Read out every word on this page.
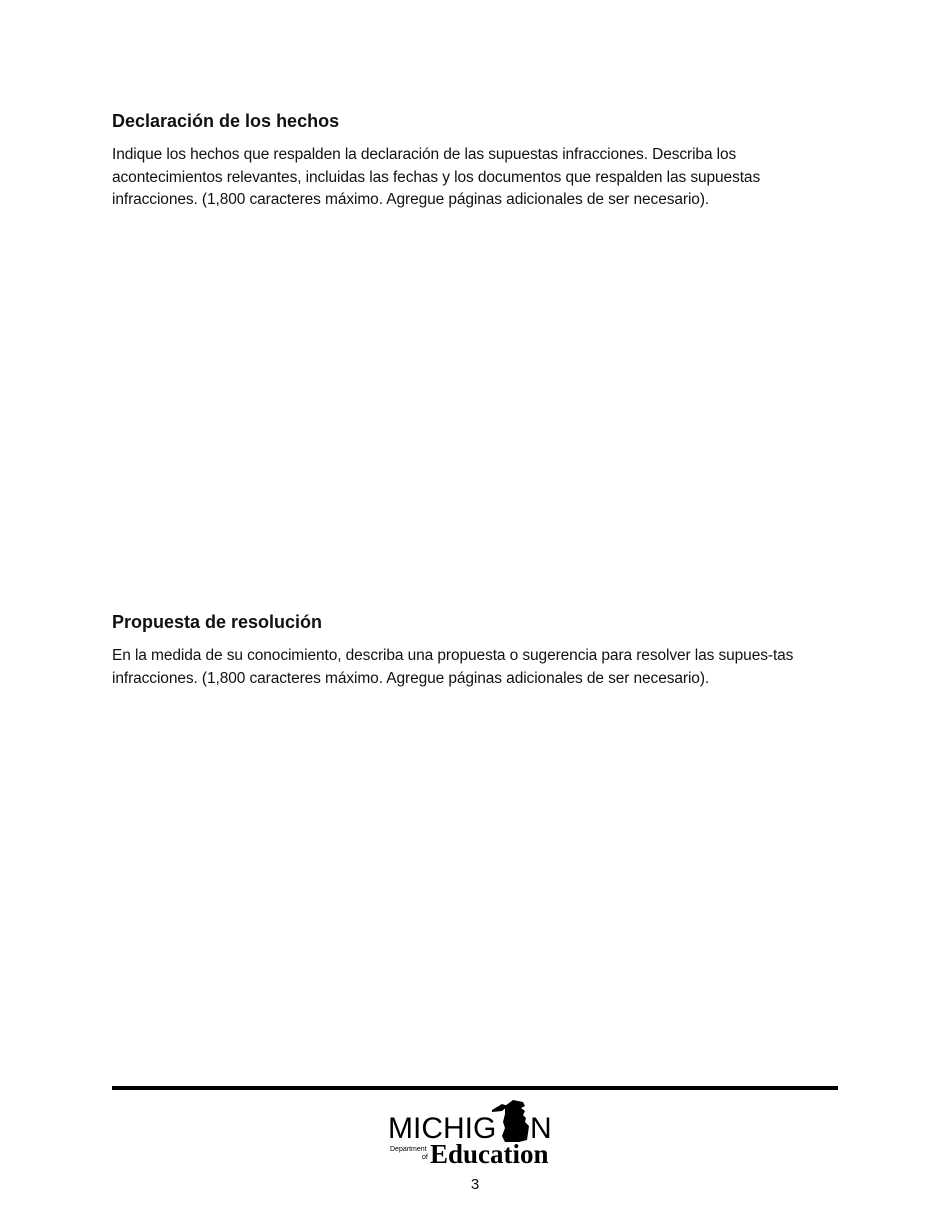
Declaración de los hechos

Indique los hechos que respalden la declaración de las supuestas infracciones. Describa los acontecimientos relevantes, incluidas las fechas y los documentos que respalden las supuestas infracciones. (1,800 caracteres máximo. Agregue páginas adicionales de ser necesario).

Propuesta de resolución

En la medida de su conocimiento, describa una propuesta o sugerencia para resolver las supues-tas infracciones. (1,800 caracteres máximo. Agregue páginas adicionales de ser necesario).

MICHIG N
Department
of Education
3
